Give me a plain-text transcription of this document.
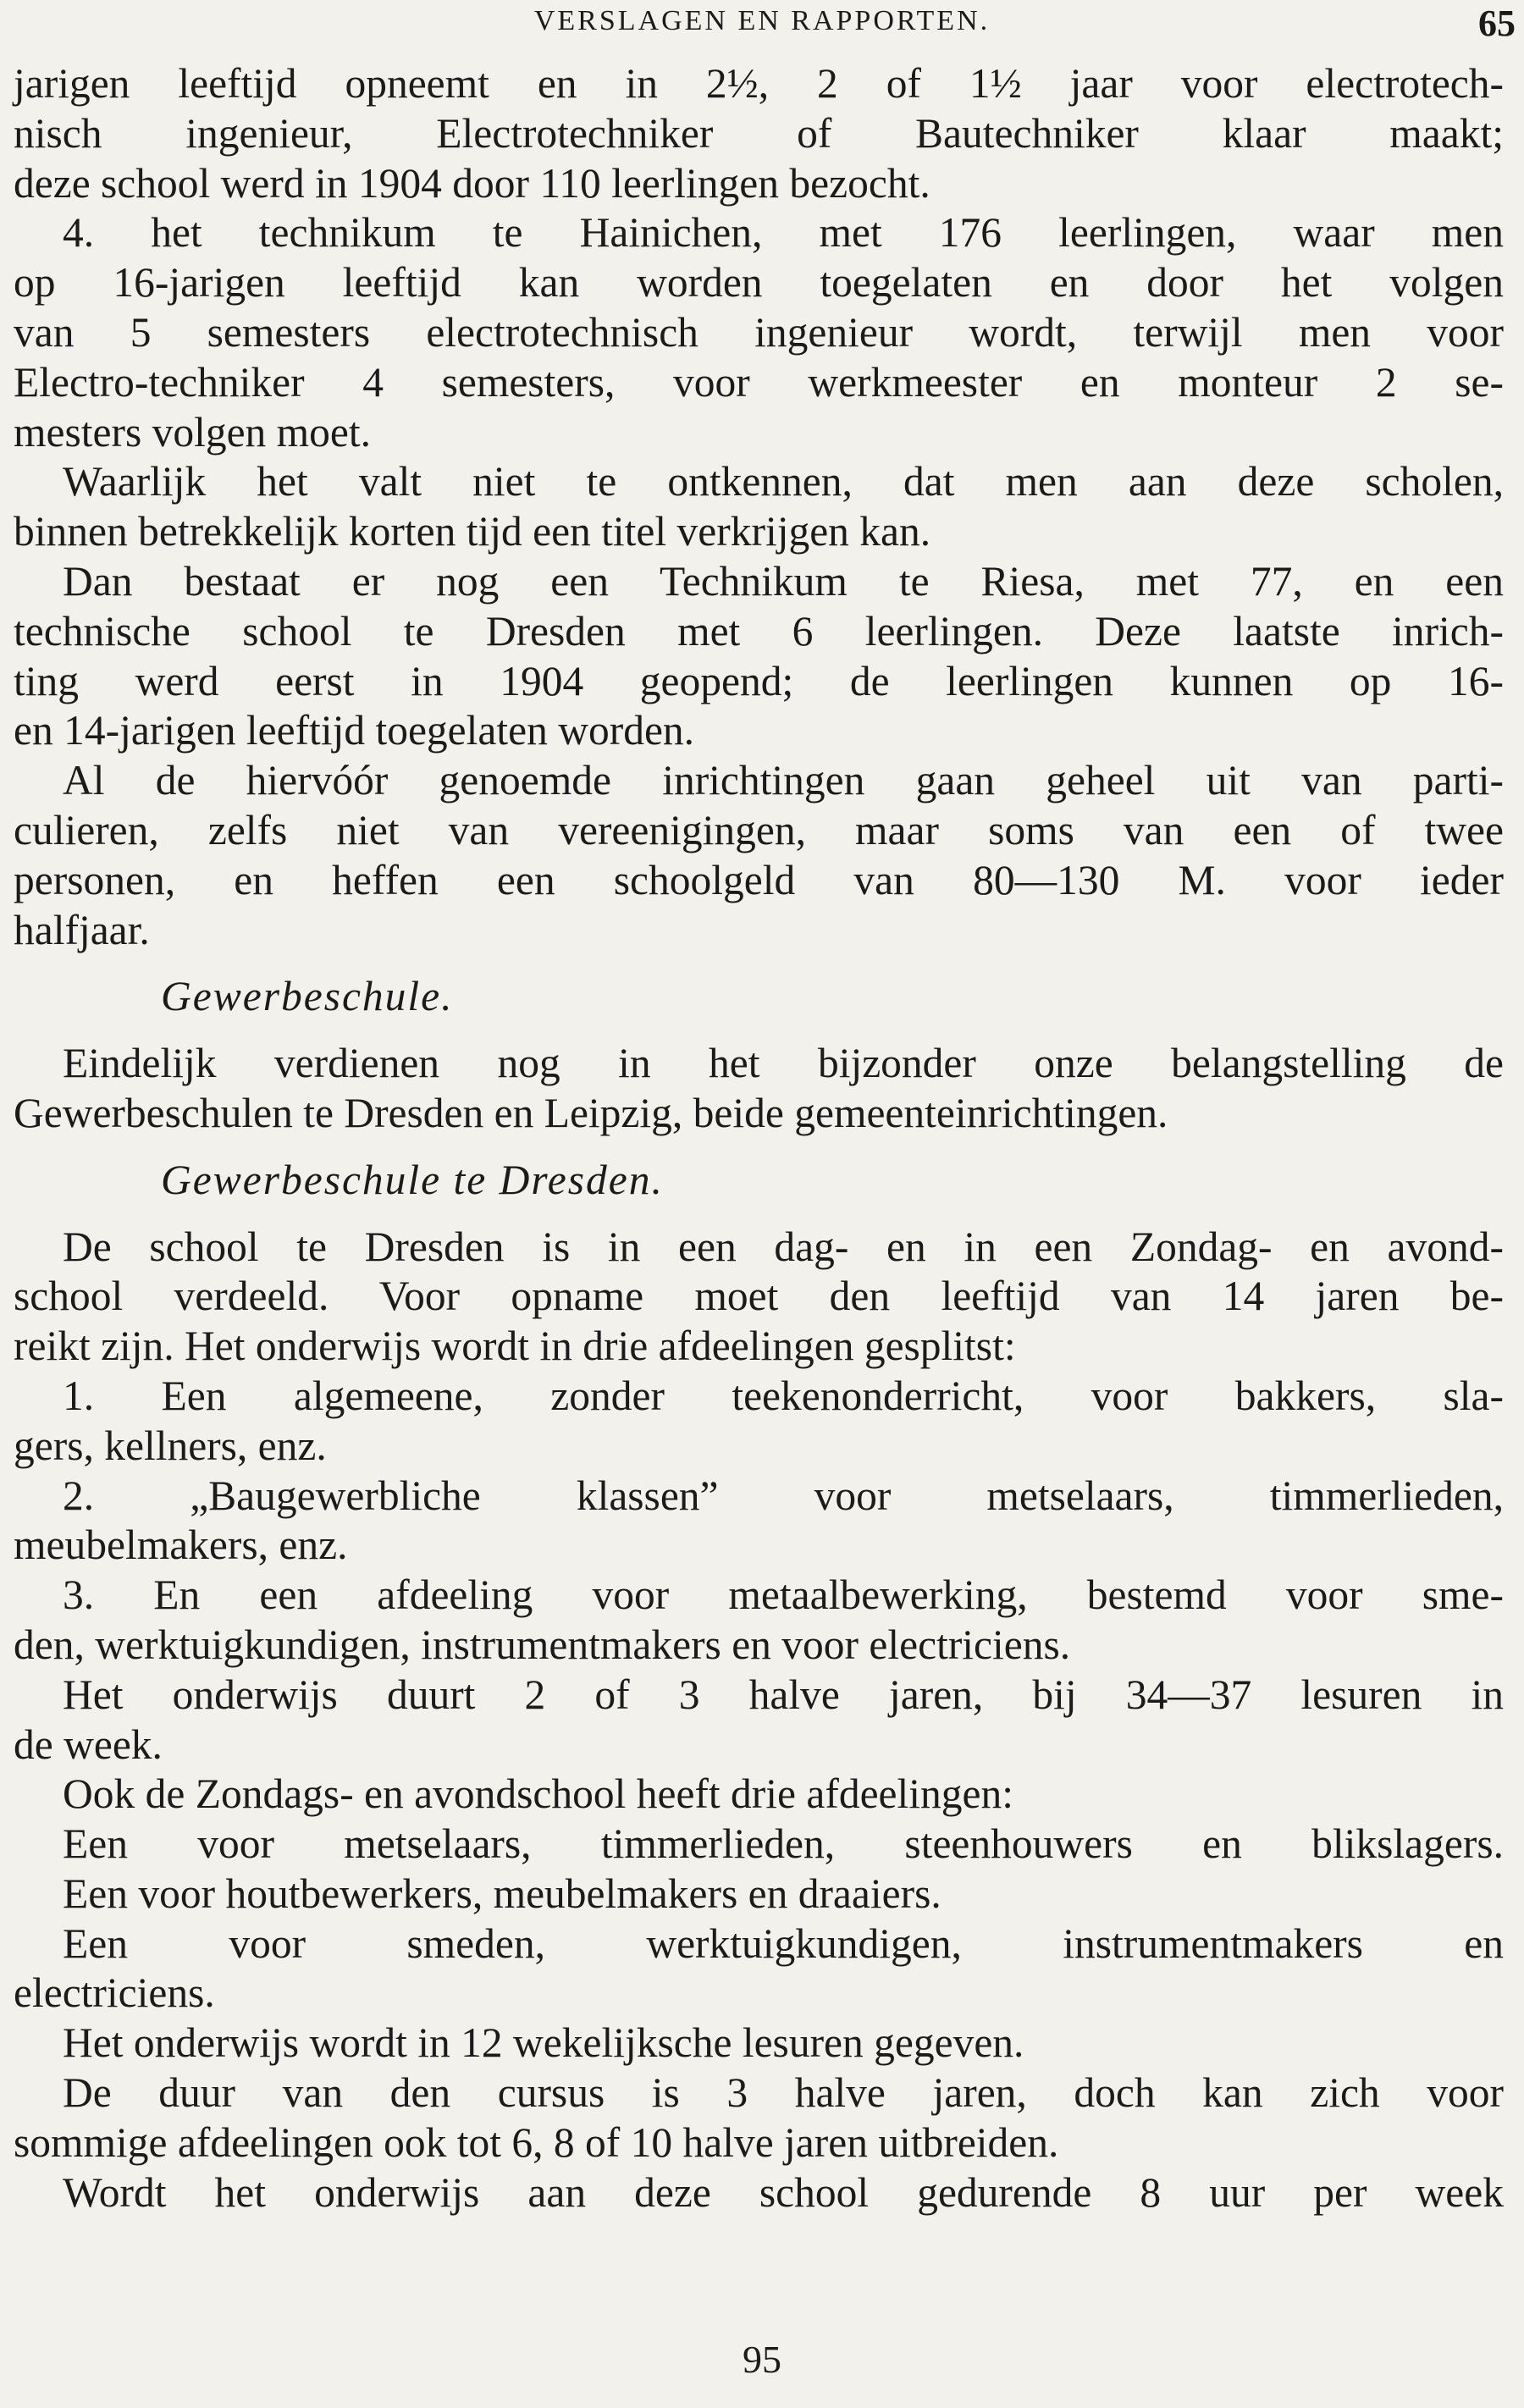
VERSLAGEN EN RAPPORTEN.	65
jarigen leeftijd opneemt en in 2½, 2 of 1½ jaar voor electrotech-
nisch ingenieur, Electrotechniker of Bautechniker klaar maakt;
deze school werd in 1904 door 110 leerlingen bezocht.
4. het technikum te Hainichen, met 176 leerlingen, waar men
op 16-jarigen leeftijd kan worden toegelaten en door het volgen
van 5 semesters electrotechnisch ingenieur wordt, terwijl men voor
Electro-techniker 4 semesters, voor werkmeester en monteur 2 se-
mesters volgen moet.
Waarlijk het valt niet te ontkennen, dat men aan deze scholen,
binnen betrekkelijk korten tijd een titel verkrijgen kan.
Dan bestaat er nog een Technikum te Riesa, met 77, en een
technische school te Dresden met 6 leerlingen. Deze laatste inrich-
ting werd eerst in 1904 geopend; de leerlingen kunnen op 16-
en 14-jarigen leeftijd toegelaten worden.
Al de hiervóór genoemde inrichtingen gaan geheel uit van parti-
culieren, zelfs niet van vereenigingen, maar soms van een of twee
personen, en heffen een schoolgeld van 80—130 M. voor ieder
halfjaar.
Gewerbeschule.
Eindelijk verdienen nog in het bijzonder onze belangstelling de
Gewerbeschulen te Dresden en Leipzig, beide gemeenteinrichtingen.
Gewerbeschule te Dresden.
De school te Dresden is in een dag- en in een Zondag- en avond-
school verdeeld. Voor opname moet den leeftijd van 14 jaren be-
reikt zijn. Het onderwijs wordt in drie afdeelingen gesplitst:
1. Een algemeene, zonder teekenonderricht, voor bakkers, sla-
gers, kellners, enz.
2. „Baugewerbliche klassen” voor metselaars, timmerlieden,
meubelmakers, enz.
3. En een afdeeling voor metaalbewerking, bestemd voor sme-
den, werktuigkundigen, instrumentmakers en voor electriciens.
Het onderwijs duurt 2 of 3 halve jaren, bij 34—37 lesuren in
de week.
Ook de Zondags- en avondschool heeft drie afdeelingen:
Een voor metselaars, timmerlieden, steenhouwers en blikslagers.
Een voor houtbewerkers, meubelmakers en draaiers.
Een voor smeden, werktuigkundigen, instrumentmakers en
electriciens.
Het onderwijs wordt in 12 wekelijksche lesuren gegeven.
De duur van den cursus is 3 halve jaren, doch kan zich voor
sommige afdeelingen ook tot 6, 8 of 10 halve jaren uitbreiden.
Wordt het onderwijs aan deze school gedurende 8 uur per week
95
